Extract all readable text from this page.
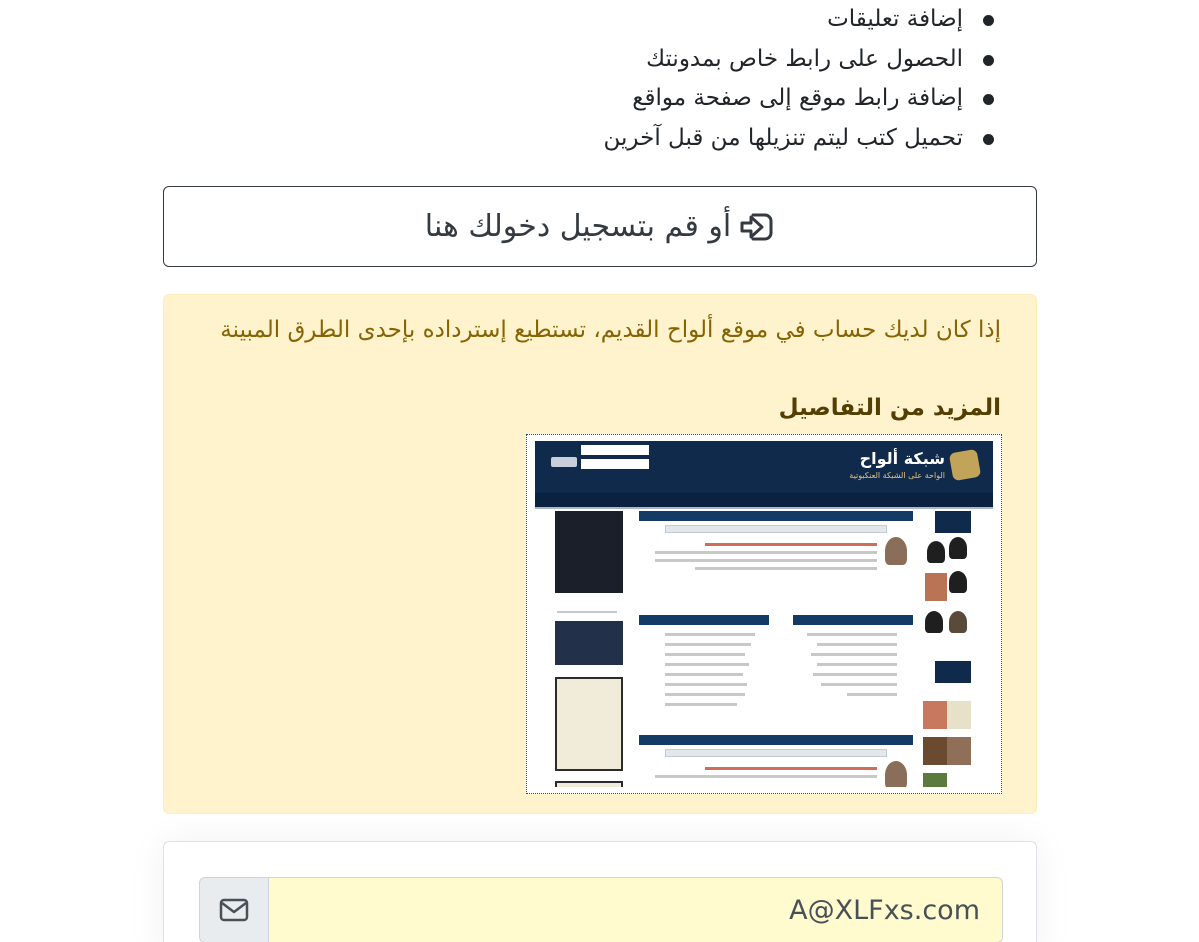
إضافة تعليقات
الحصول على رابط خاص بمدونتك
إضافة رابط موقع إلى صفحة مواقع
تحميل كتب ليتم تنزيلها من قبل آخرين
أو قم بتسجيل دخولك هنا
إذا كان لديك حساب في موقع ألواح القديم، تستطيع إسترداده بإحدى الطرق المبينة
المزيد من التفاصيل
شبكة ألواح
الواحة على الشبكة العنكبوتية
A@XLFxs.com
